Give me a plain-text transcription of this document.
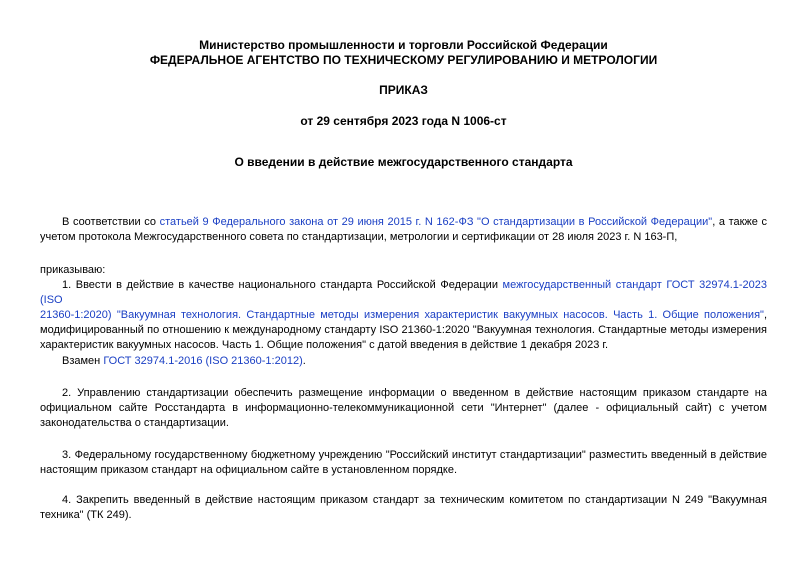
Министерство промышленности и торговли Российской Федерации
ФЕДЕРАЛЬНОЕ АГЕНТСТВО ПО ТЕХНИЧЕСКОМУ РЕГУЛИРОВАНИЮ И МЕТРОЛОГИИ
ПРИКАЗ
от 29 сентября 2023 года N 1006-ст
О введении в действие межгосударственного стандарта
В соответствии со статьей 9 Федерального закона от 29 июня 2015 г. N 162-ФЗ "О стандартизации в Российской Федерации", а также с
учетом протокола Межгосударственного совета по стандартизации, метрологии и сертификации от 28 июля 2023 г. N 163-П,
приказываю:
1. Ввести в действие в качестве национального стандарта Российской Федерации межгосударственный стандарт ГОСТ 32974.1-2023 (ISO
21360-1:2020) "Вакуумная технология. Стандартные методы измерения характеристик вакуумных насосов. Часть 1. Общие положения",
модифицированный по отношению к международному стандарту ISO 21360-1:2020 "Вакуумная технология. Стандартные методы измерения
характеристик вакуумных насосов. Часть 1. Общие положения" с датой введения в действие 1 декабря 2023 г.
Взамен ГОСТ 32974.1-2016 (ISO 21360-1:2012).
2. Управлению стандартизации обеспечить размещение информации о введенном в действие настоящим приказом стандарте на
официальном сайте Росстандарта в информационно-телекоммуникационной сети "Интернет" (далее - официальный сайт) с учетом
законодательства о стандартизации.
3. Федеральному государственному бюджетному учреждению "Российский институт стандартизации" разместить введенный в действие
настоящим приказом стандарт на официальном сайте в установленном порядке.
4. Закрепить введенный в действие настоящим приказом стандарт за техническим комитетом по стандартизации N 249 "Вакуумная
техника" (ТК 249).
